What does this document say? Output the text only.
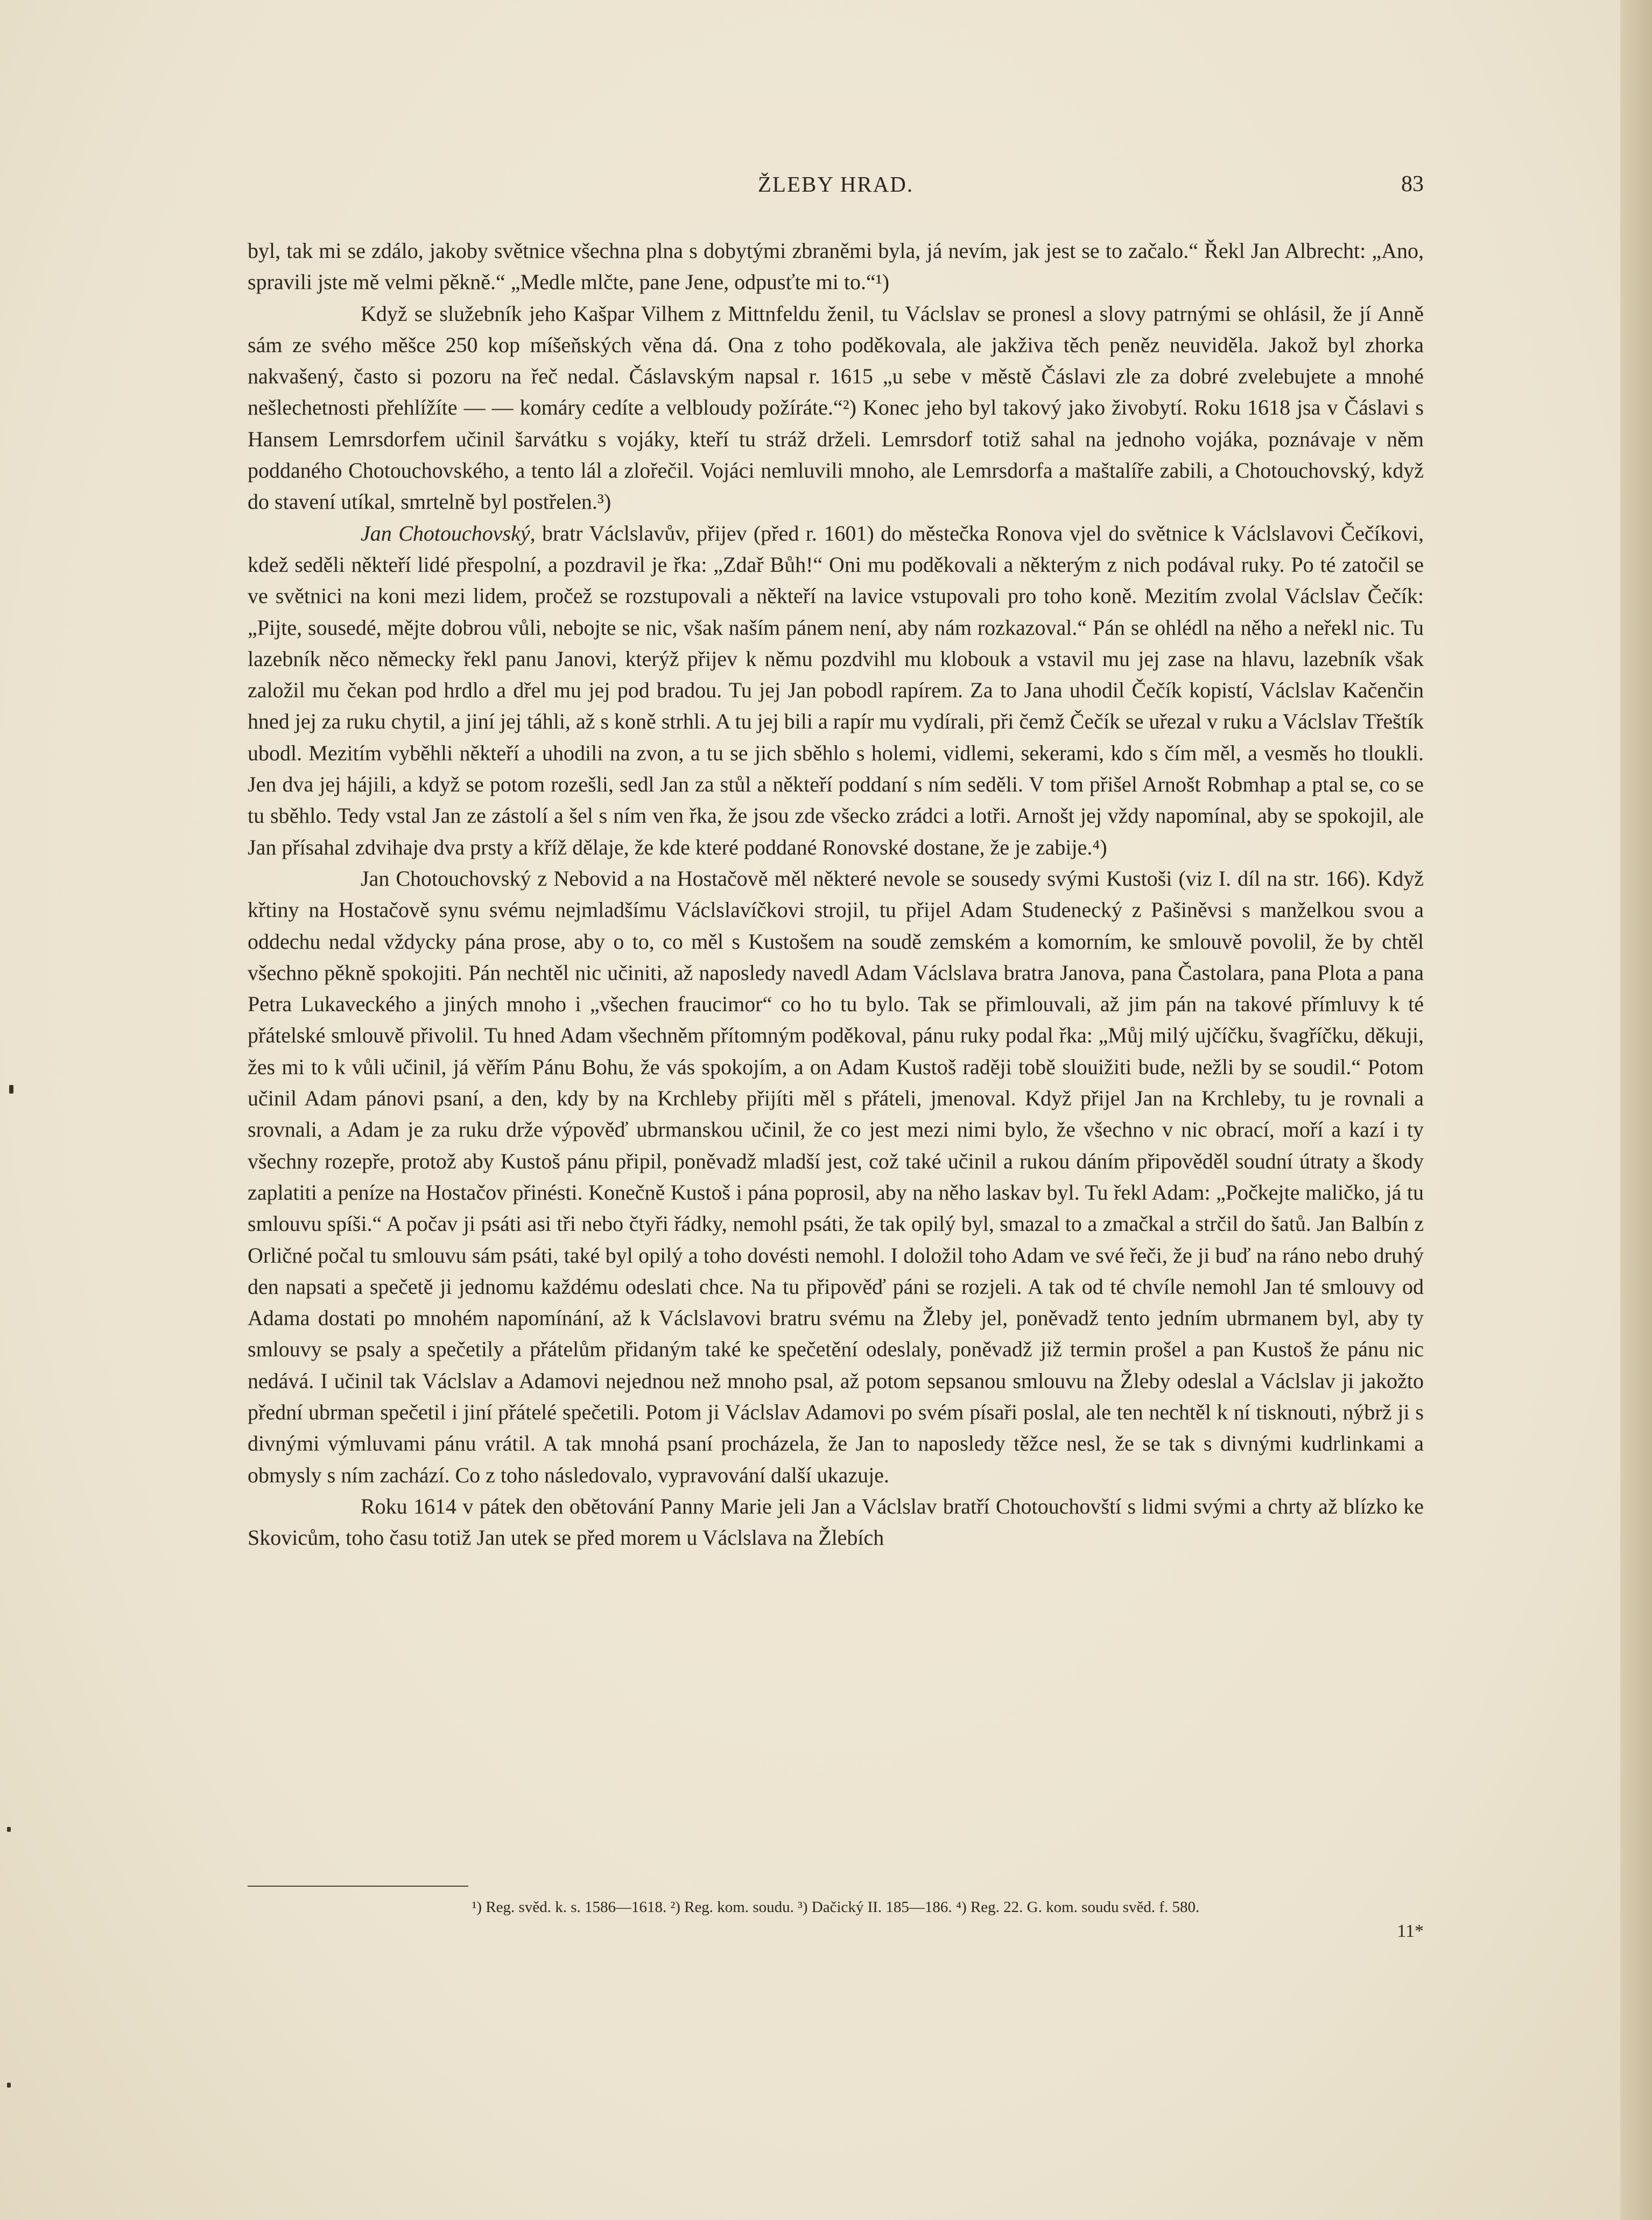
ŽLEBY HRAD.	83

byl, tak mi se zdálo, jakoby světnice všechna plna s dobytými zbraněmi byla, já nevím, jak jest se to začalo.“ Řekl Jan Albrecht: „Ano, spravili jste mě velmi pěkně.“ „Medle mlčte, pane Jene, odpusťte mi to.“¹)

Když se služebník jeho Kašpar Vilhem z Mittnfeldu ženil, tu Václslav se pronesl a slovy patrnými se ohlásil, že jí Anně sám ze svého měšce 250 kop míšeňských věna dá. Ona z toho poděkovala, ale jakživa těch peněz neuviděla. Jakož byl zhorka nakvašený, často si pozoru na řeč nedal. Čáslavským napsal r. 1615 „u sebe v městě Čáslavi zle za dobré zvelebujete a mnohé nešlechetnosti přehlížíte — — komáry cedíte a velbloudy požíráte.“²) Konec jeho byl takový jako živobytí. Roku 1618 jsa v Čáslavi s Hansem Lemrsdorfem učinil šarvátku s vojáky, kteří tu stráž drželi. Lemrsdorf totiž sahal na jednoho vojáka, poznávaje v něm poddaného Chotouchovského, a tento lál a zlořečil. Vojáci nemluvili mnoho, ale Lemrsdorfa a maštalíře zabili, a Chotouchovský, když do stavení utíkal, smrtelně byl postřelen.³)

Jan Chotouchovský, bratr Václslavův, přijev (před r. 1601) do městečka Ronova vjel do světnice k Václslavovi Čečíkovi, kdež seděli někteří lidé přespolní, a pozdravil je řka: „Zdař Bůh!“ Oni mu poděkovali a některým z nich podával ruky. Po té zatočil se ve světnici na koni mezi lidem, pročež se rozstupovali a někteří na lavice vstupovali pro toho koně. Mezitím zvolal Václslav Čečík: „Pijte, sousedé, mějte dobrou vůli, nebojte se nic, však naším pánem není, aby nám rozkazoval.“ Pán se ohlédl na něho a neřekl nic. Tu lazebník něco německy řekl panu Janovi, kterýž přijev k němu pozdvihl mu klobouk a vstavil mu jej zase na hlavu, lazebník však založil mu čekan pod hrdlo a dřel mu jej pod bradou. Tu jej Jan pobodl rapírem. Za to Jana uhodil Čečík kopistí, Václslav Kačenčin hned jej za ruku chytil, a jiní jej táhli, až s koně strhli. A tu jej bili a rapír mu vydírali, při čemž Čečík se uřezal v ruku a Václslav Třeštík ubodl. Mezitím vyběhli někteří a uhodili na zvon, a tu se jich sběhlo s holemi, vidlemi, sekerami, kdo s čím měl, a vesměs ho tloukli. Jen dva jej hájili, a když se potom rozešli, sedl Jan za stůl a někteří poddaní s ním seděli. V tom přišel Arnošt Robmhap a ptal se, co se tu sběhlo. Tedy vstal Jan ze zástolí a šel s ním ven řka, že jsou zde všecko zrádci a lotři. Arnošt jej vždy napomínal, aby se spokojil, ale Jan přísahal zdvihaje dva prsty a kříž dělaje, že kde které poddané Ronovské dostane, že je zabije.⁴)

Jan Chotouchovský z Nebovid a na Hostačově měl některé nevole se sousedy svými Kustoši (viz I. díl na str. 166). Když křtiny na Hostačově synu svému nejmladšímu Václslavíčkovi strojil, tu přijel Adam Studenecký z Pašiněvsi s manželkou svou a oddechu nedal vždycky pána prose, aby o to, co měl s Kustošem na soudě zemském a komorním, ke smlouvě povolil, že by chtěl všechno pěkně spokojiti. Pán nechtěl nic učiniti, až naposledy navedl Adam Václslava bratra Janova, pana Častolara, pana Plota a pana Petra Lukaveckého a jiných mnoho i „všechen fraucimor“ co ho tu bylo. Tak se přimlouvali, až jim pán na takové přímluvy k té přátelské smlouvě přivolil. Tu hned Adam všechněm přítomným poděkoval, pánu ruky podal řka: „Můj milý ujčíčku, švagříčku, děkuji, žes mi to k vůli učinil, já věřím Pánu Bohu, že vás spokojím, a on Adam Kustoš raději tobě slouižiti bude, nežli by se soudil.“ Potom učinil Adam pánovi psaní, a den, kdy by na Krchleby přijíti měl s přáteli, jmenoval. Když přijel Jan na Krchleby, tu je rovnali a srovnali, a Adam je za ruku drže výpověď ubrmanskou učinil, že co jest mezi nimi bylo, že všechno v nic obrací, moří a kazí i ty všechny rozepře, protož aby Kustoš pánu připil, poněvadž mladší jest, což také učinil a rukou dáním připověděl soudní útraty a škody zaplatiti a peníze na Hostačov přinésti. Konečně Kustoš i pána poprosil, aby na něho laskav byl. Tu řekl Adam: „Počkejte maličko, já tu smlouvu spíši.“ A počav ji psáti asi tři nebo čtyři řádky, nemohl psáti, že tak opilý byl, smazal to a zmačkal a strčil do šatů. Jan Balbín z Orličné počal tu smlouvu sám psáti, také byl opilý a toho dovésti nemohl. I doložil toho Adam ve své řeči, že ji buď na ráno nebo druhý den napsati a spečetě ji jednomu každému odeslati chce. Na tu připověď páni se rozjeli. A tak od té chvíle nemohl Jan té smlouvy od Adama dostati po mnohém napomínání, až k Václslavovi bratru svému na Žleby jel, poněvadž tento jedním ubrmanem byl, aby ty smlouvy se psaly a spečetily a přátelům přidaným také ke spečetění odeslaly, poněvadž již termin prošel a pan Kustoš že pánu nic nedává. I učinil tak Václslav a Adamovi nejednou než mnoho psal, až potom sepsanou smlouvu na Žleby odeslal a Václslav ji jakožto přední ubrman spečetil i jiní přátelé spečetili. Potom ji Václslav Adamovi po svém písaři poslal, ale ten nechtěl k ní tisknouti, nýbrž ji s divnými výmluvami pánu vrátil. A tak mnohá psaní procházela, že Jan to naposledy těžce nesl, že se tak s divnými kudrlinkami a obmysly s ním zachází. Co z toho následovalo, vypravování další ukazuje.

Roku 1614 v pátek den obětování Panny Marie jeli Jan a Václslav bratří Chotouchovští s lidmi svými a chrty až blízko ke Skovicům, toho času totiž Jan utek se před morem u Václslava na Žlebích

¹) Reg. svěd. k. s. 1586—1618. ²) Reg. kom. soudu. ³) Dačický II. 185—186. ⁴) Reg. 22. G. kom. soudu svěd. f. 580.
11*
